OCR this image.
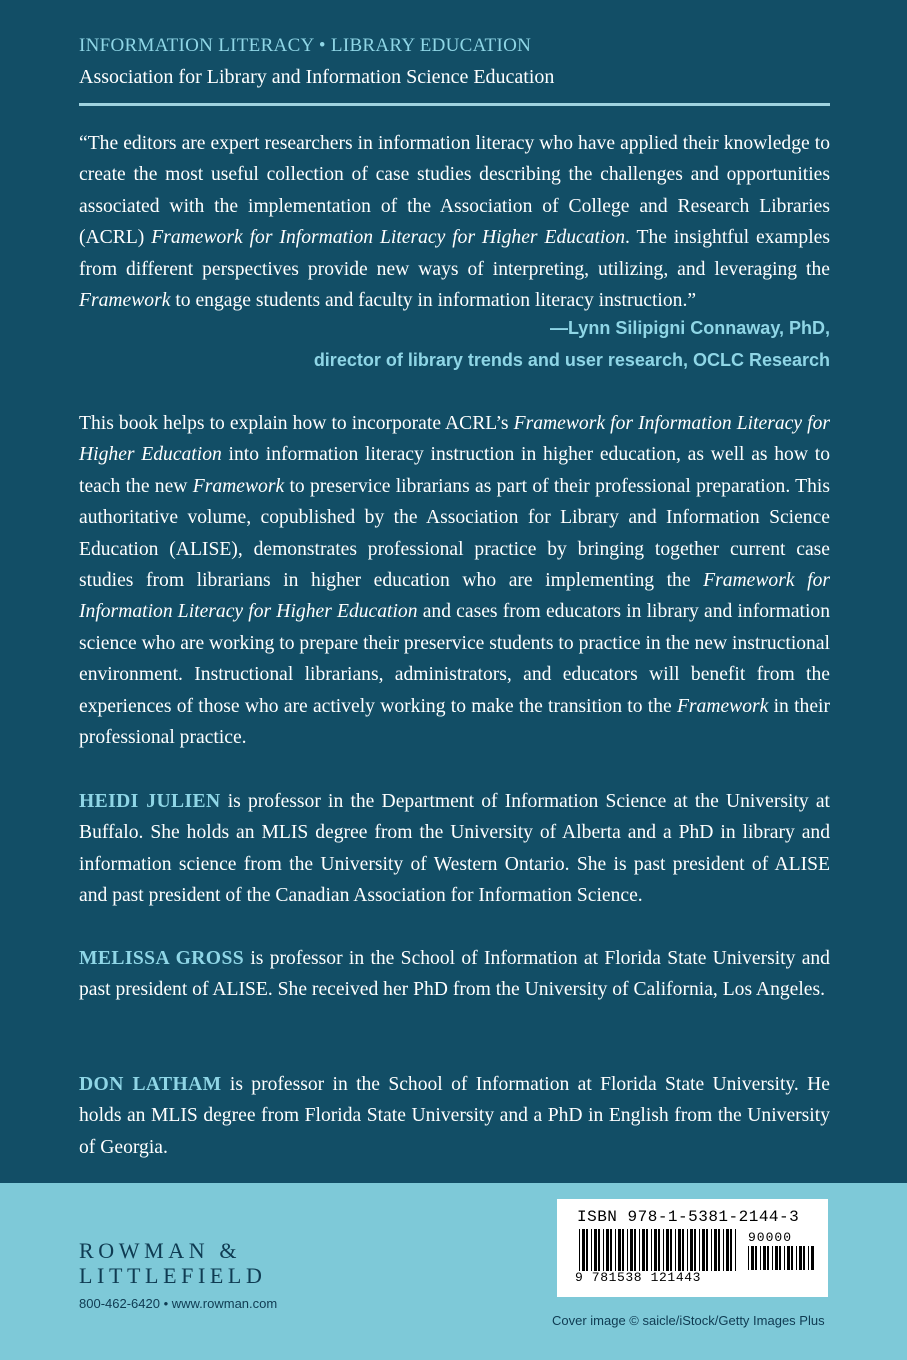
INFORMATION LITERACY • LIBRARY EDUCATION
Association for Library and Information Science Education
“The editors are expert researchers in information literacy who have applied their knowledge to create the most useful collection of case studies describing the challenges and opportunities associated with the implementation of the Association of College and Research Libraries (ACRL) Framework for Information Literacy for Higher Education. The insightful examples from different perspectives provide new ways of interpreting, utilizing, and leveraging the Framework to engage students and faculty in information literacy instruction.”
—Lynn Silipigni Connaway, PhD,
director of library trends and user research, OCLC Research
This book helps to explain how to incorporate ACRL’s Framework for Information Literacy for Higher Education into information literacy instruction in higher education, as well as how to teach the new Framework to preservice librarians as part of their professional preparation. This authoritative volume, copublished by the Association for Library and Information Science Education (ALISE), demonstrates professional practice by bringing together current case studies from librarians in higher education who are implementing the Framework for Information Literacy for Higher Education and cases from educators in library and information science who are working to prepare their preservice students to practice in the new instructional environment. Instructional librarians, administrators, and educators will benefit from the experiences of those who are actively working to make the transition to the Framework in their professional practice.
HEIDI JULIEN is professor in the Department of Information Science at the University at Buffalo. She holds an MLIS degree from the University of Alberta and a PhD in library and information science from the University of Western Ontario. She is past president of ALISE and past president of the Canadian Association for Information Science.
MELISSA GROSS is professor in the School of Information at Florida State University and past president of ALISE. She received her PhD from the University of California, Los Angeles.
DON LATHAM is professor in the School of Information at Florida State University. He holds an MLIS degree from Florida State University and a PhD in English from the University of Georgia.
ROWMAN &
LITTLEFIELD
800-462-6420 • www.rowman.com
ISBN 978-1-5381-2144-3
90000
9 781538 121443
Cover image © saicle/iStock/Getty Images Plus
